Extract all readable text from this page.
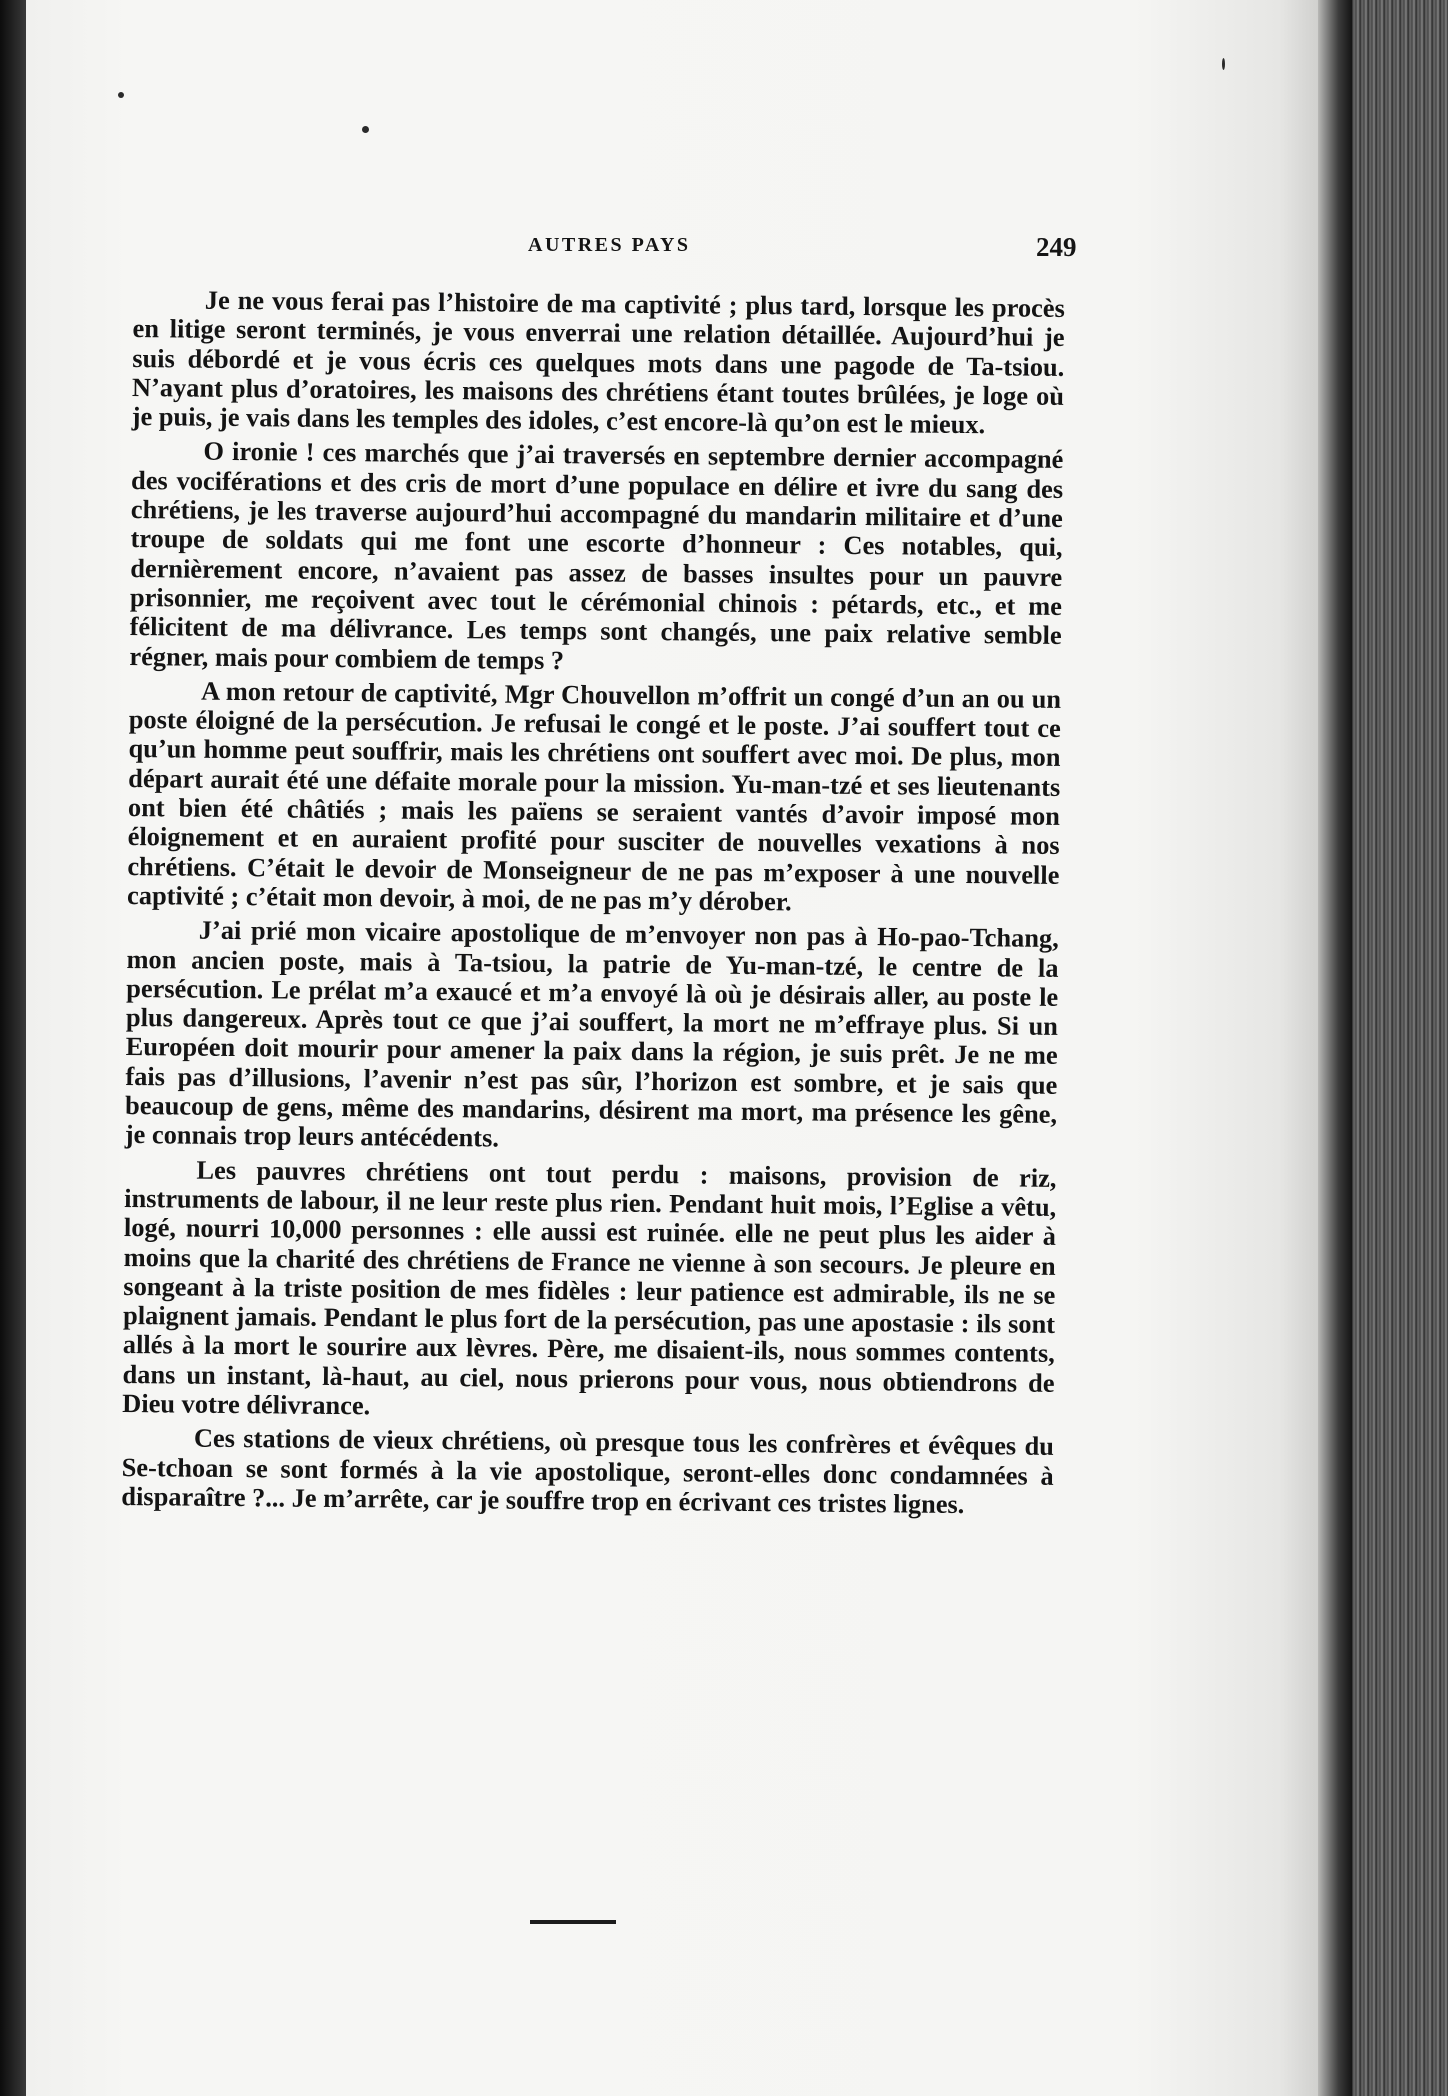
AUTRES PAYS	249

Je ne vous ferai pas l’histoire de ma captivité ; plus tard, lorsque les procès en litige seront terminés, je vous enverrai une relation détaillée. Aujourd’hui je suis débordé et je vous écris ces quelques mots dans une pagode de Ta-tsiou. N’ayant plus d’oratoires, les maisons des chrétiens étant toutes brûlées, je loge où je puis, je vais dans les temples des idoles, c’est encore-là qu’on est le mieux.

O ironie ! ces marchés que j’ai traversés en septembre dernier accompagné des vociférations et des cris de mort d’une populace en délire et ivre du sang des chrétiens, je les traverse aujourd’hui accompagné du mandarin militaire et d’une troupe de soldats qui me font une escorte d’honneur : Ces notables, qui, dernièrement encore, n’avaient pas assez de basses insultes pour un pauvre prisonnier, me reçoivent avec tout le cérémonial chinois : pétards, etc., et me félicitent de ma délivrance. Les temps sont changés, une paix relative semble régner, mais pour combiem de temps ?

A mon retour de captivité, Mgr Chouvellon m’offrit un congé d’un an ou un poste éloigné de la persécution. Je refusai le congé et le poste. J’ai souffert tout ce qu’un homme peut souffrir, mais les chrétiens ont souffert avec moi. De plus, mon départ aurait été une défaite morale pour la mission. Yu-man-tzé et ses lieutenants ont bien été châtiés ; mais les païens se seraient vantés d’avoir imposé mon éloignement et en auraient profité pour susciter de nouvelles vexations à nos chrétiens. C’était le devoir de Monseigneur de ne pas m’exposer à une nouvelle captivité ; c’était mon devoir, à moi, de ne pas m’y dérober.

J’ai prié mon vicaire apostolique de m’envoyer non pas à Ho-pao-Tchang, mon ancien poste, mais à Ta-tsiou, la patrie de Yu-man-tzé, le centre de la persécution. Le prélat m’a exaucé et m’a envoyé là où je désirais aller, au poste le plus dangereux. Après tout ce que j’ai souffert, la mort ne m’effraye plus. Si un Européen doit mourir pour amener la paix dans la région, je suis prêt. Je ne me fais pas d’illusions, l’avenir n’est pas sûr, l’horizon est sombre, et je sais que beaucoup de gens, même des mandarins, désirent ma mort, ma présence les gêne, je connais trop leurs antécédents.

Les pauvres chrétiens ont tout perdu : maisons, provision de riz, instruments de labour, il ne leur reste plus rien. Pendant huit mois, l’Eglise a vêtu, logé, nourri 10,000 personnes : elle aussi est ruinée. elle ne peut plus les aider à moins que la charité des chrétiens de France ne vienne à son secours. Je pleure en songeant à la triste position de mes fidèles : leur patience est admirable, ils ne se plaignent jamais. Pendant le plus fort de la persécution, pas une apostasie : ils sont allés à la mort le sourire aux lèvres. Père, me disaient-ils, nous sommes contents, dans un instant, là-haut, au ciel, nous prierons pour vous, nous obtiendrons de Dieu votre délivrance.

Ces stations de vieux chrétiens, où presque tous les confrères et évêques du Se-tchoan se sont formés à la vie apostolique, seront-elles donc condamnées à disparaître ?... Je m’arrête, car je souffre trop en écrivant ces tristes lignes.
